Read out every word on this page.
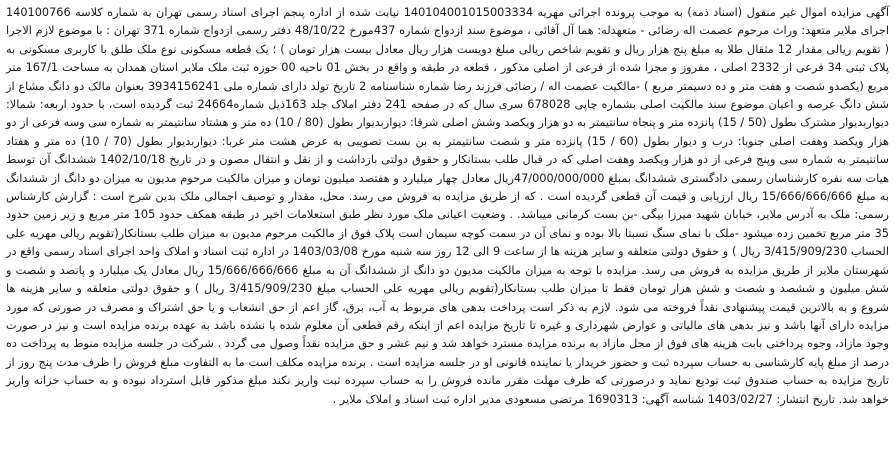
آگهی مزایده اموال غیر منقول (اسناد ذمه) به موجب پرونده اجرائی مهریه 140104001015003334 نیابت شده از اداره پنجم اجرای اسناد رسمی تهران به شماره کلاسه 140100766 اجرای ملایر متعهد: وراث مرحوم عصمت اله رضائی - متعهدله: هما آل آقائی ، موضوع سند ازدواج شماره 437مورخ 48/10/22 دفتر رسمی ازدواج شماره 371 تهران : با موضوع لازم الاجرا ( تقویم ریالی مقدار 12 مثقال طلا به مبلغ پنج هزار ریال و تقویم شاخص ریالی مبلغ دویست هزار ریال معادل بیست هزار تومان ) ؛ یک قطعه مسکونی نوع ملک طلق با کاربری مسکونی به پلاک ثبتی 34 فرعی از 2332 اصلی ، مفروز و مجزا شده از فرعی از اصلی مذکور ، قطعه در طبقه و واقع در بخش 01 ناحیه 00 حوزه ثبت ملک ملایر استان همدان به مساحت 167/1 متر مربع (یکصدو شصت و هفت متر و ده دسیمتر مربع ) -مالکیت عصمت اله / رضائی فرزند رضا شماره شناسنامه 2 تاریخ تولد دارای شماره ملی 3934156241 بعنوان مالک دو دانگ مشاع از شش دانگ عرصه و اعیان موضوع سند مالکیت اصلی بشماره چاپی 678028 سری سال که در صفحه 241 دفتر املاک جلد 163ذیل شماره24664 ثبت گردیده است، با حدود اربعه: شمالا: دیواربدیوار مشترک بطول (50 / 15) پانزده متر و پنجاه سانتیمتر به دو هزار ویکصد وشش اصلی شرقا: دیواربدیوار بطول (80 / 10) ده متر و هشتاد سانتیمتر به شماره سی وسه فرعی از دو هزار ویکصد وهفت اصلی جنوبا: درب و دیوار بطول (60 / 15) پانزده متر و شصت سانتیمتر به بن بست تصویبی به عرض هشت متر غربا: دیواربدیوار بطول (70 / 10) ده متر و هفتاد سانتیمتر به شماره سی وپنج فرعی از دو هزار ویکصد وهفت اصلی که در قبال طلب بستانکار و حقوق دولتی بازداشت و از نقل و انتقال مصون و در تاریخ 1402/10/18 ششدانگ آن توسط هیات سه نفره کارشناسان رسمی دادگستری ششدانگ بمبلغ 47/000/000/000ریال معادل چهار میلیارد و هفتصد میلیون تومان و میزان مالکیت مرحوم مدیون به میزان دو دانگ از ششدانگ به مبلغ 15/666/666/666 ریال ارزیابی و قیمت آن قطعی گردیده است . که از طریق مزایده به فروش می رسد. محل، مقدار و توصیف اجمالی ملک بدین شرح است : گزارش کارشناس رسمی: ملک به آدرس ملایر، خیابان شهید میرزا بیگی -بن بست کرمانی میباشد. . وضعیت اعیانی ملک مورد نظر طبق استعلامات اخیر در طبقه همکف حدود 105 متر مربع و زیر زمین حدود 35 متر مربع تخمین زده میشود -ملک با نمای سنگ نسبتا بالا بوده و نمای آن در سمت کوچه سیمان است پلاک فوق از مالکیت مرحوم مدیون به میزان طلب بستانکار(تقویم ریالی مهریه علی الحساب 3/415/909/230 ریال ) و حقوق دولتی متعلقه و سایر هزینه ها از ساعت 9 الی 12 روز سه شنبه مورخ 1403/03/08 در اداره ثبت اسناد و املاک واحد اجرای اسناد رسمی واقع در شهرستان ملایر از طریق مزایده به فروش می رسد. مزایده با توجه به میزان مالکیت مدیون دو دانگ از ششدانگ آن به مبلغ 15/666/666/666 ریال معادل یک میلیارد و پانصد و شصت و شش میلیون و ششصد و شصت و شش هزار تومان فقط تا میزان طلب بستانکار(تقویم ریالی مهریه علی الحساب مبلغ 3/415/909/230 ریال ) و حقوق دولتی متعلقه و سایر هزینه ها شروع و به بالاترین قیمت پیشنهادی نقداً فروخته می شود. لازم به ذکر است پرداخت بدهی های مربوط به آب، برق، گاز اعم از حق انشعاب و یا حق اشتراک و مصرف در صورتی که مورد مزایده دارای آنها باشد و نیز بدهی های مالیاتی و عوارض شهرداری و غیره تا تاریخ مزایده اعم از اینکه رقم قطعی آن معلوم شده یا نشده باشد به عهده برنده مزایده است و نیز در صورت وجود مازاد، وجوه پرداختی بابت هزینه های فوق از محل مازاد به برنده مزایده مسترد خواهد شد و نیم عشر و حق مزایده نقداً وصول می گردد . شرکت در جلسه مزایده منوط به پرداخت ده درصد از مبلغ پایه کارشناسی به حساب سپرده ثبت و حضور خریدار یا نماینده قانونی او در جلسه مزایده است . برنده مزایده مکلف است ما به التفاوت مبلغ فروش را ظرف مدت پنج روز از تاریخ مزایده به حساب صندوق ثبت تودیع نماید و درصورتی که ظرف مهلت مقرر مانده فروش را به حساب سپرده ثبت واریز نکند مبلغ مذکور قابل استرداد نبوده و به حساب خزانه واریز خواهد شد. تاریخ انتشار: 1403/02/27 شناسه آگهی: 1690313 مرتضی مسعودی مدیر اداره ثبت اسناد و املاک ملایر .
